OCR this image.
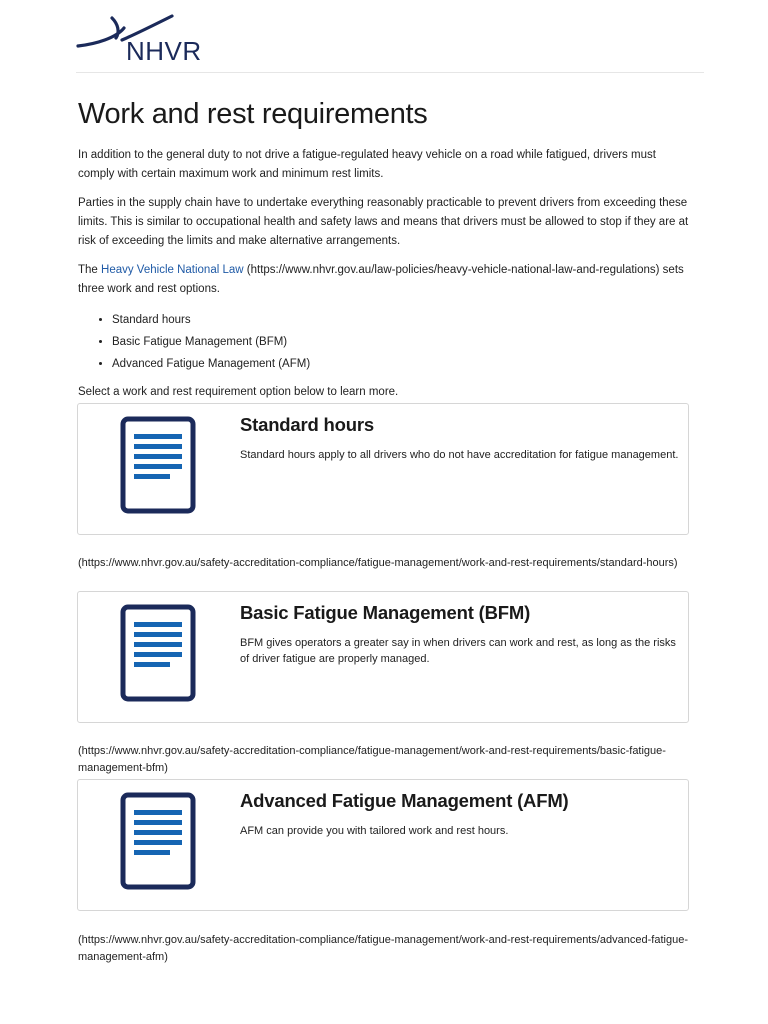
NHVR
Work and rest requirements

In addition to the general duty to not drive a fatigue-regulated heavy vehicle on a road while fatigued, drivers must comply with certain maximum work and minimum rest limits.

Parties in the supply chain have to undertake everything reasonably practicable to prevent drivers from exceeding these limits. This is similar to occupational health and safety laws and means that drivers must be allowed to stop if they are at risk of exceeding the limits and make alternative arrangements.

The Heavy Vehicle National Law (https://www.nhvr.gov.au/law-policies/heavy-vehicle-national-law-and-regulations) sets three work and rest options.

• Standard hours
• Basic Fatigue Management (BFM)
• Advanced Fatigue Management (AFM)

Select a work and rest requirement option below to learn more.

Standard hours
Standard hours apply to all drivers who do not have accreditation for fatigue management.
(https://www.nhvr.gov.au/safety-accreditation-compliance/fatigue-management/work-and-rest-requirements/standard-hours)
Basic Fatigue Management (BFM)
BFM gives operators a greater say in when drivers can work and rest, as long as the risks of driver fatigue are properly managed.
(https://www.nhvr.gov.au/safety-accreditation-compliance/fatigue-management/work-and-rest-requirements/basic-fatigue-management-bfm)
Advanced Fatigue Management (AFM)
AFM can provide you with tailored work and rest hours.
(https://www.nhvr.gov.au/safety-accreditation-compliance/fatigue-management/work-and-rest-requirements/advanced-fatigue-management-afm)
